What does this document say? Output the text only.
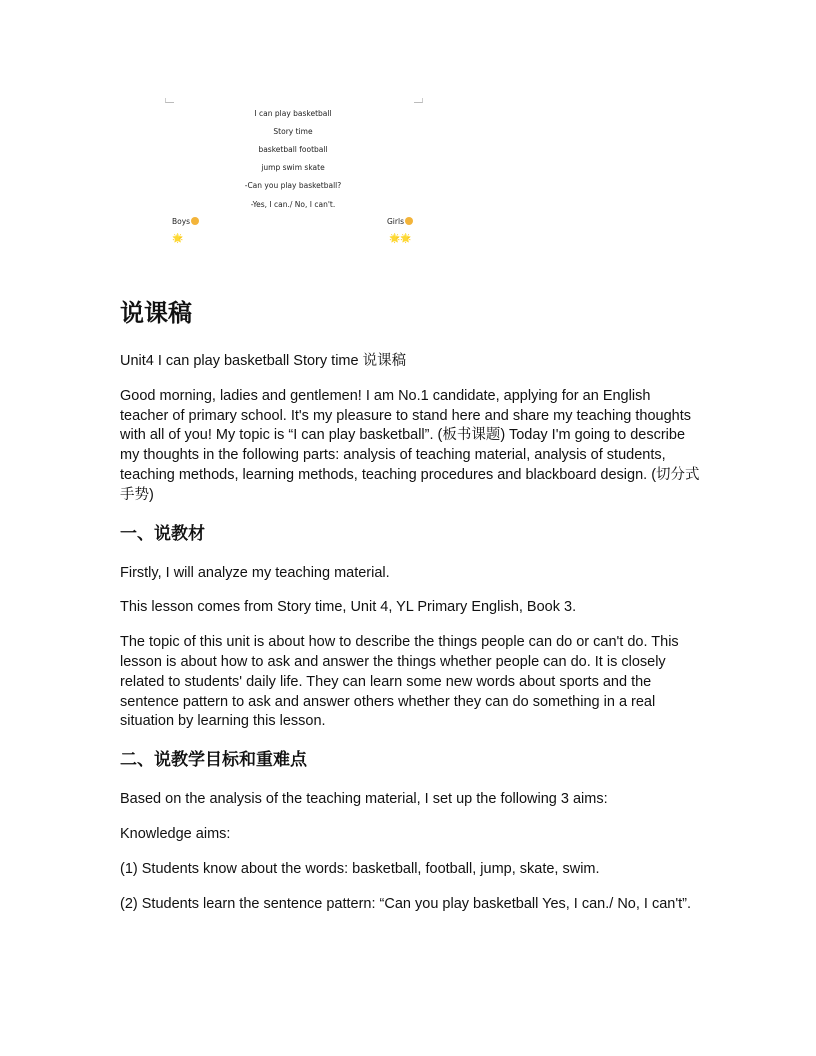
I can play basketball
Story time
basketball football
jump swim skate
-Can you play basketball?
-Yes, I can./ No, I can't.
Boys	Girls
🌟	🌟🌟
说课稿

Unit4 I can play basketball Story time 说课稿

Good morning, ladies and gentlemen! I am No.1 candidate, applying for an English teacher of primary school. It's my pleasure to stand here and share my teaching thoughts with all of you! My topic is “I can play basketball”. (板书课题) Today I'm going to describe my thoughts in the following parts: analysis of teaching material, analysis of students, teaching methods, learning methods, teaching procedures and blackboard design. (切分式手势)

一、说教材

Firstly, I will analyze my teaching material.

This lesson comes from Story time, Unit 4, YL Primary English, Book 3.

The topic of this unit is about how to describe the things people can do or can't do. This lesson is about how to ask and answer the things whether people can do. It is closely related to students' daily life. They can learn some new words about sports and the sentence pattern to ask and answer others whether they can do something in a real situation by learning this lesson.

二、说教学目标和重难点

Based on the analysis of the teaching material, I set up the following 3 aims:

Knowledge aims:

(1) Students know about the words: basketball, football, jump, skate, swim.

(2) Students learn the sentence pattern: “Can you play basketball Yes, I can./ No, I can't”.
